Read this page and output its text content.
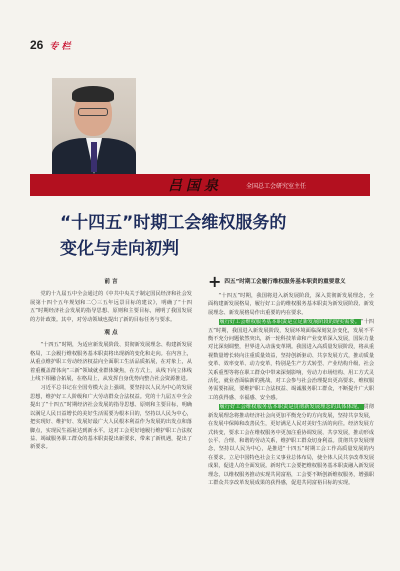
26 专 栏
吕国泉	全国总工会研究室主任
“十四五”时期工会维权服务的
变化与走向初判
前 言

党的十九届五中全会通过的《中共中央关于制定国民经济和社会发展第十四个五年规划和二〇三五年远景目标的建议》，明确了“十四五”时期经济社会发展的指导思想、原则和主要目标，阐明了我国发展的方针政策。其中，对劳动领域也提出了新的目标任务与要求。

观 点

“十四五”时期，为适应新发展阶段、贯彻新发展理念、构建新发展格局，工会履行维权服务基本职责将出现新的变化和走向。在内容上，从重点维护职工劳动经济权益向全面职工生活品质拓展，在对象上，从着重覆盖群体向“三新”领域就业群体聚焦，在方式上，从线下向立体线上线下相融合拓展，在格局上，从发挥自身优势向整合社会资源推进。

习近平总书记在全国劳模大会上强调，要坚持以人民为中心的发展思想，维护好工人阶级和广大劳动群众合法权益。党的十九届五中全会提出了“十四五”时期经济社会发展的指导思想、原则和主要目标，明确以满足人民日益增长的美好生活需要为根本目的，坚持以人民为中心，把实现好、维护好、发展好最广大人民根本利益作为发展的出发点和落脚点，实现民生福祉达到新水平。这对工会更好地履行维护职工合法权益、竭诚服务职工群众的基本职责提出新要求，带来了新机遇，提出了新要求。

+ 四五”时期工会履行维权服务基本职责的重要意义

“十四五”时期，我国将进入新发展阶段，深入贯彻新发展理念，全面构建新发展格局，履行好工会的维权服务基本职责为新发展阶段、新发展理念、新发展格局作出重要的内在要求。

履行好工会维权服务基本职责是立足新发展阶段的现实需要。“十四五”时期，我国进入新发展阶段，发展环境面临深刻复杂变化，发展不平衡不充分问题依然突出，新一轮科技革命和产业变革深入发展，国际力量对比深刻调整，世界进入动荡变革期。我国进入高质量发展阶段，将从重视数量增长转向注重质量效益，坚持创新驱动、共享发展方式，推动质量变革、效率变革、动力变革，特别是生产方式转型、产业结构升级、社会关系重塑等将在职工群众中带来深刻影响，劳动力市场结构、用工方式灵活化，就业者面临新的挑战，对工会参与社会治理提出更高要求，维权服务需要拓展，要维护职工合法权益、竭诚服务职工群众，不断提升广大职工的获得感、幸福感、安全感。

履行好工会维权服务基本职责是贯彻新发展理念的具体体现。贯彻新发展理念将推动经济社会向更加平衡充分的方向发展，坚持共享发展，在发展中保障和改善民生，更好满足人民对美好生活的向往。经济发展方式转变，要求工会在维权服务中更加注重协调发展、共享发展，推动形成公平、合理、和谐的劳动关系，维护职工群众切身利益。贯彻共享发展理念，坚持以人民为中心，是推进“十四五”时期工会工作高质量发展的内在要求。立足中国特色社会主义事业总体布局，使全体人民共享改革发展成果，促进人的全面发展。新时代工会要把维权服务基本职责融入新发展理念，以维权服务推动实现共同富裕，工会要不断创新维权服务，增强职工群众共享改革发展成果的获得感，促进共同富裕目标的实现。
